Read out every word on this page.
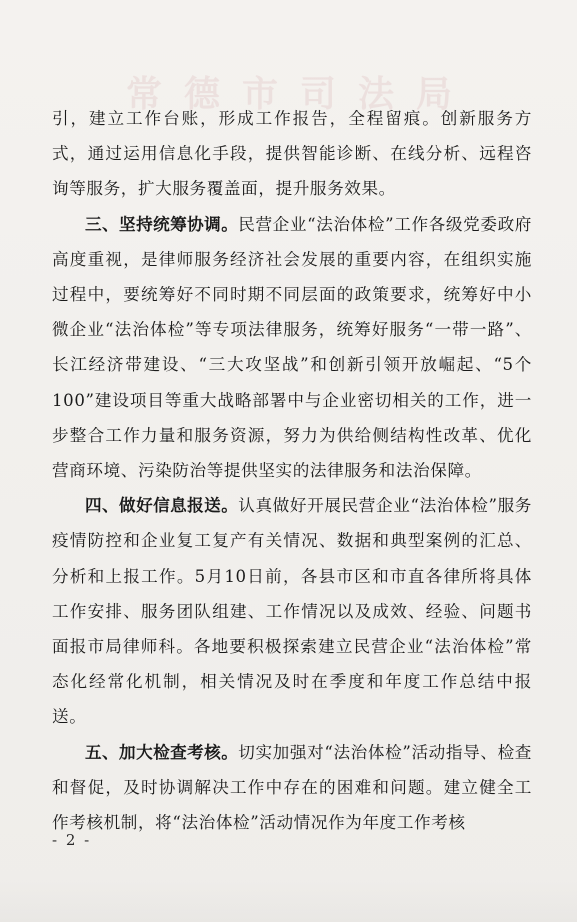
常德市司法局

引，建立工作台账，形成工作报告，全程留痕。创新服务方式，通过运用信息化手段，提供智能诊断、在线分析、远程咨询等服务，扩大服务覆盖面，提升服务效果。

三、坚持统筹协调。民营企业“法治体检”工作各级党委政府高度重视，是律师服务经济社会发展的重要内容，在组织实施过程中，要统筹好不同时期不同层面的政策要求，统筹好中小微企业“法治体检”等专项法律服务，统筹好服务“一带一路”、长江经济带建设、“三大攻坚战”和创新引领开放崛起、“5个100”建设项目等重大战略部署中与企业密切相关的工作，进一步整合工作力量和服务资源，努力为供给侧结构性改革、优化营商环境、污染防治等提供坚实的法律服务和法治保障。

四、做好信息报送。认真做好开展民营企业“法治体检”服务疫情防控和企业复工复产有关情况、数据和典型案例的汇总、分析和上报工作。5月10日前，各县市区和市直各律所将具体工作安排、服务团队组建、工作情况以及成效、经验、问题书面报市局律师科。各地要积极探索建立民营企业“法治体检”常态化经常化机制，相关情况及时在季度和年度工作总结中报送。

五、加大检查考核。切实加强对“法治体检”活动指导、检查和督促，及时协调解决工作中存在的困难和问题。建立健全工作考核机制，将“法治体检”活动情况作为年度工作考核

- 2 -
